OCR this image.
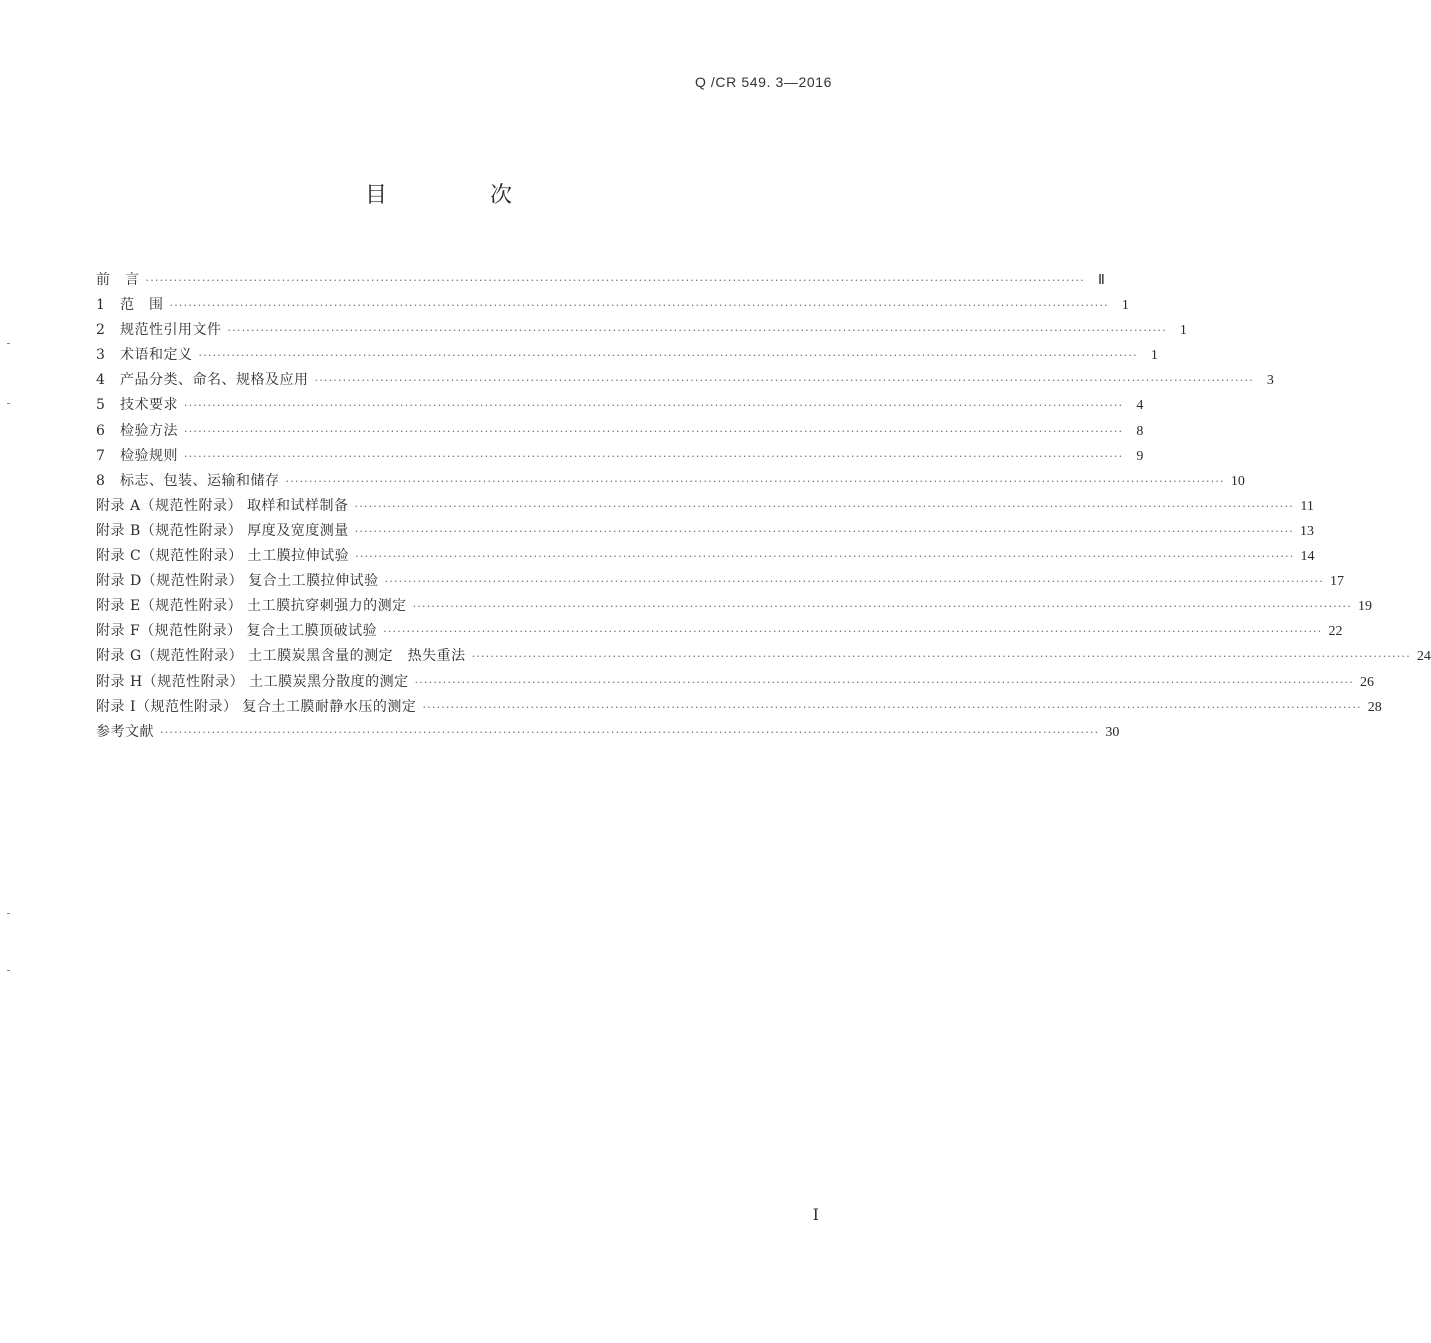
Q /CR 549. 3—2016
目 次
前　言 ········································································································································································································ Ⅱ
1 范　围 ········································································································································································································ 1
2 规范性引用文件 ········································································································································································································ 1
3 术语和定义 ········································································································································································································ 1
4 产品分类、命名、规格及应用 ········································································································································································································ 3
5 技术要求 ········································································································································································································ 4
6 检验方法 ········································································································································································································ 8
7 检验规则 ········································································································································································································ 9
8 标志、包装、运输和储存 ········································································································································································································ 10
附录 A（规范性附录） 取样和试样制备 ········································································································································································································ 11
附录 B（规范性附录） 厚度及宽度测量 ········································································································································································································ 13
附录 C（规范性附录） 土工膜拉伸试验 ········································································································································································································ 14
附录 D（规范性附录） 复合土工膜拉伸试验 ········································································································································································································ 17
附录 E（规范性附录） 土工膜抗穿刺强力的测定 ········································································································································································································ 19
附录 F（规范性附录） 复合土工膜顶破试验 ········································································································································································································ 22
附录 G（规范性附录） 土工膜炭黑含量的测定　热失重法 ········································································································································································································ 24
附录 H（规范性附录） 土工膜炭黑分散度的测定 ········································································································································································································ 26
附录 I（规范性附录） 复合土工膜耐静水压的测定 ········································································································································································································ 28
参考文献 ········································································································································································································ 30
I
